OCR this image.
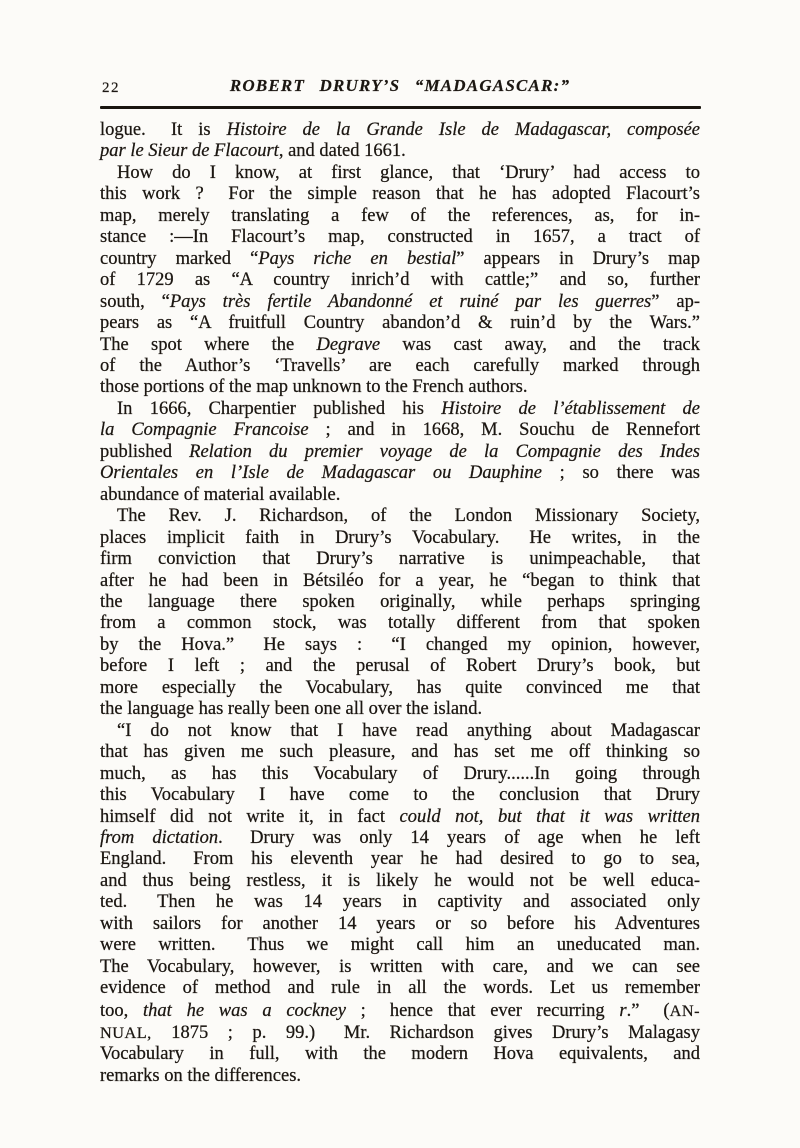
22	ROBERT DRURY’S “MADAGASCAR:”
logue.  It is Histoire de la Grande Isle de Madagascar, composée
par le Sieur de Flacourt, and dated 1661.
How do I know, at first glance, that ‘Drury’ had access to
this work ?  For the simple reason that he has adopted Flacourt’s
map, merely translating a few of the references, as, for in-
stance :—In Flacourt’s map, constructed in 1657, a tract of
country marked “Pays riche en bestial” appears in Drury’s map
of 1729 as “A country inrich’d with cattle;” and so, further
south, “Pays très fertile Abandonné et ruiné par les guerres” ap-
pears as “A fruitfull Country abandon’d & ruin’d by the Wars.”
The spot where the Degrave was cast away, and the track
of the Author’s ‘Travells’ are each carefully marked through
those portions of the map unknown to the French authors.
In 1666, Charpentier published his Histoire de l’établissement de
la Compagnie Francoise ; and in 1668, M. Souchu de Rennefort
published Relation du premier voyage de la Compagnie des Indes
Orientales en l’Isle de Madagascar ou Dauphine ; so there was
abundance of material available.
The Rev. J. Richardson, of the London Missionary Society,
places implicit faith in Drury’s Vocabulary.  He writes, in the
firm conviction that Drury’s narrative is unimpeachable, that
after he had been in Bétsiléo for a year, he “began to think that
the language there spoken originally, while perhaps springing
from a common stock, was totally different from that spoken
by the Hova.”  He says :  “I changed my opinion, however,
before I left ; and the perusal of Robert Drury’s book, but
more especially the Vocabulary, has quite convinced me that
the language has really been one all over the island.
“I do not know that I have read anything about Madagascar
that has given me such pleasure, and has set me off thinking so
much, as has this Vocabulary of Drury......In going through
this Vocabulary I have come to the conclusion that Drury
himself did not write it, in fact could not, but that it was written
from dictation.  Drury was only 14 years of age when he left
England.  From his eleventh year he had desired to go to sea,
and thus being restless, it is likely he would not be well educa-
ted.  Then he was 14 years in captivity and associated only
with sailors for another 14 years or so before his Adventures
were written.  Thus we might call him an uneducated man.
The Vocabulary, however, is written with care, and we can see
evidence of method and rule in all the words. Let us remember
too, that he was a cockney ;  hence that ever recurring r.”  (AN-
NUAL, 1875 ; p. 99.)  Mr. Richardson gives Drury’s Malagasy
Vocabulary in full, with the modern Hova equivalents, and
remarks on the differences.
